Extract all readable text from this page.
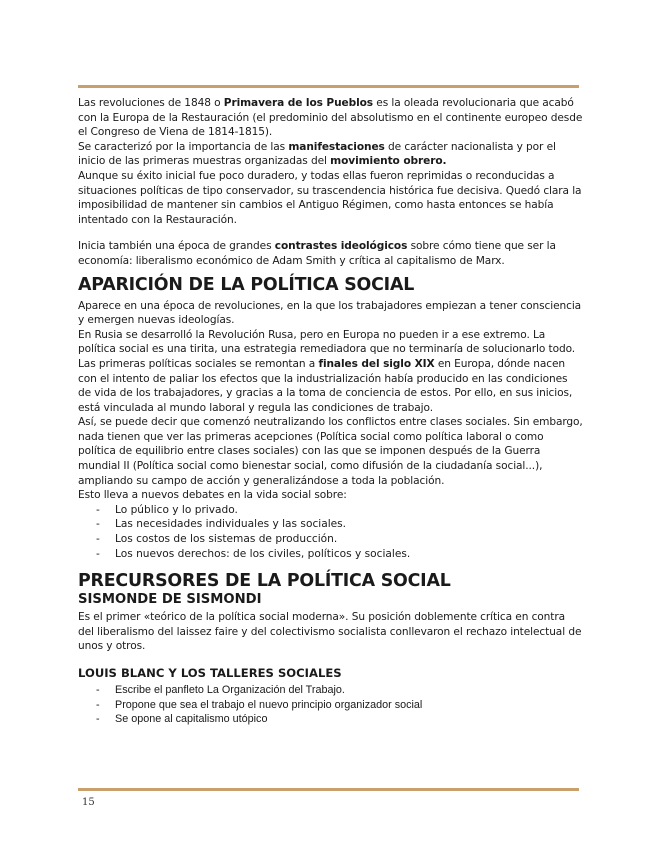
Las revoluciones de 1848 o Primavera de los Pueblos es la oleada revolucionaria que acabó con la Europa de la Restauración (el predominio del absolutismo en el continente europeo desde el Congreso de Viena de 1814-1815).

Se caracterizó por la importancia de las manifestaciones de carácter nacionalista y por el inicio de las primeras muestras organizadas del movimiento obrero.

Aunque su éxito inicial fue poco duradero, y todas ellas fueron reprimidas o reconducidas a situaciones políticas de tipo conservador, su trascendencia histórica fue decisiva. Quedó clara la imposibilidad de mantener sin cambios el Antiguo Régimen, como hasta entonces se había intentado con la Restauración.

Inicia también una época de grandes contrastes ideológicos sobre cómo tiene que ser la economía: liberalismo económico de Adam Smith y crítica al capitalismo de Marx.

APARICIÓN DE LA POLÍTICA SOCIAL

Aparece en una época de revoluciones, en la que los trabajadores empiezan a tener consciencia y emergen nuevas ideologías.

En Rusia se desarrolló la Revolución Rusa, pero en Europa no pueden ir a ese extremo. La política social es una tirita, una estrategia remediadora que no terminaría de solucionarlo todo.

Las primeras políticas sociales se remontan a finales del siglo XIX en Europa, dónde nacen con el intento de paliar los efectos que la industrialización había producido en las condiciones de vida de los trabajadores, y gracias a la toma de conciencia de estos. Por ello, en sus inicios, está vinculada al mundo laboral y regula las condiciones de trabajo.

Así, se puede decir que comenzó neutralizando los conflictos entre clases sociales. Sin embargo, nada tienen que ver las primeras acepciones (Política social como política laboral o como política de equilibrio entre clases sociales) con las que se imponen después de la Guerra mundial II (Política social como bienestar social, como difusión de la ciudadanía social...), ampliando su campo de acción y generalizándose a toda la población.

Esto lleva a nuevos debates en la vida social sobre:

- Lo público y lo privado.
- Las necesidades individuales y las sociales.
- Los costos de los sistemas de producción.
- Los nuevos derechos: de los civiles, políticos y sociales.
PRECURSORES DE LA POLÍTICA SOCIAL
SISMONDE DE SISMONDI

Es el primer «teórico de la política social moderna». Su posición doblemente crítica en contra del liberalismo del laissez faire y del colectivismo socialista conllevaron el rechazo intelectual de unos y otros.

LOUIS BLANC Y LOS TALLERES SOCIALES
- Escribe el panfleto La Organización del Trabajo.
- Propone que sea el trabajo el nuevo principio organizador social
- Se opone al capitalismo utópico
15
